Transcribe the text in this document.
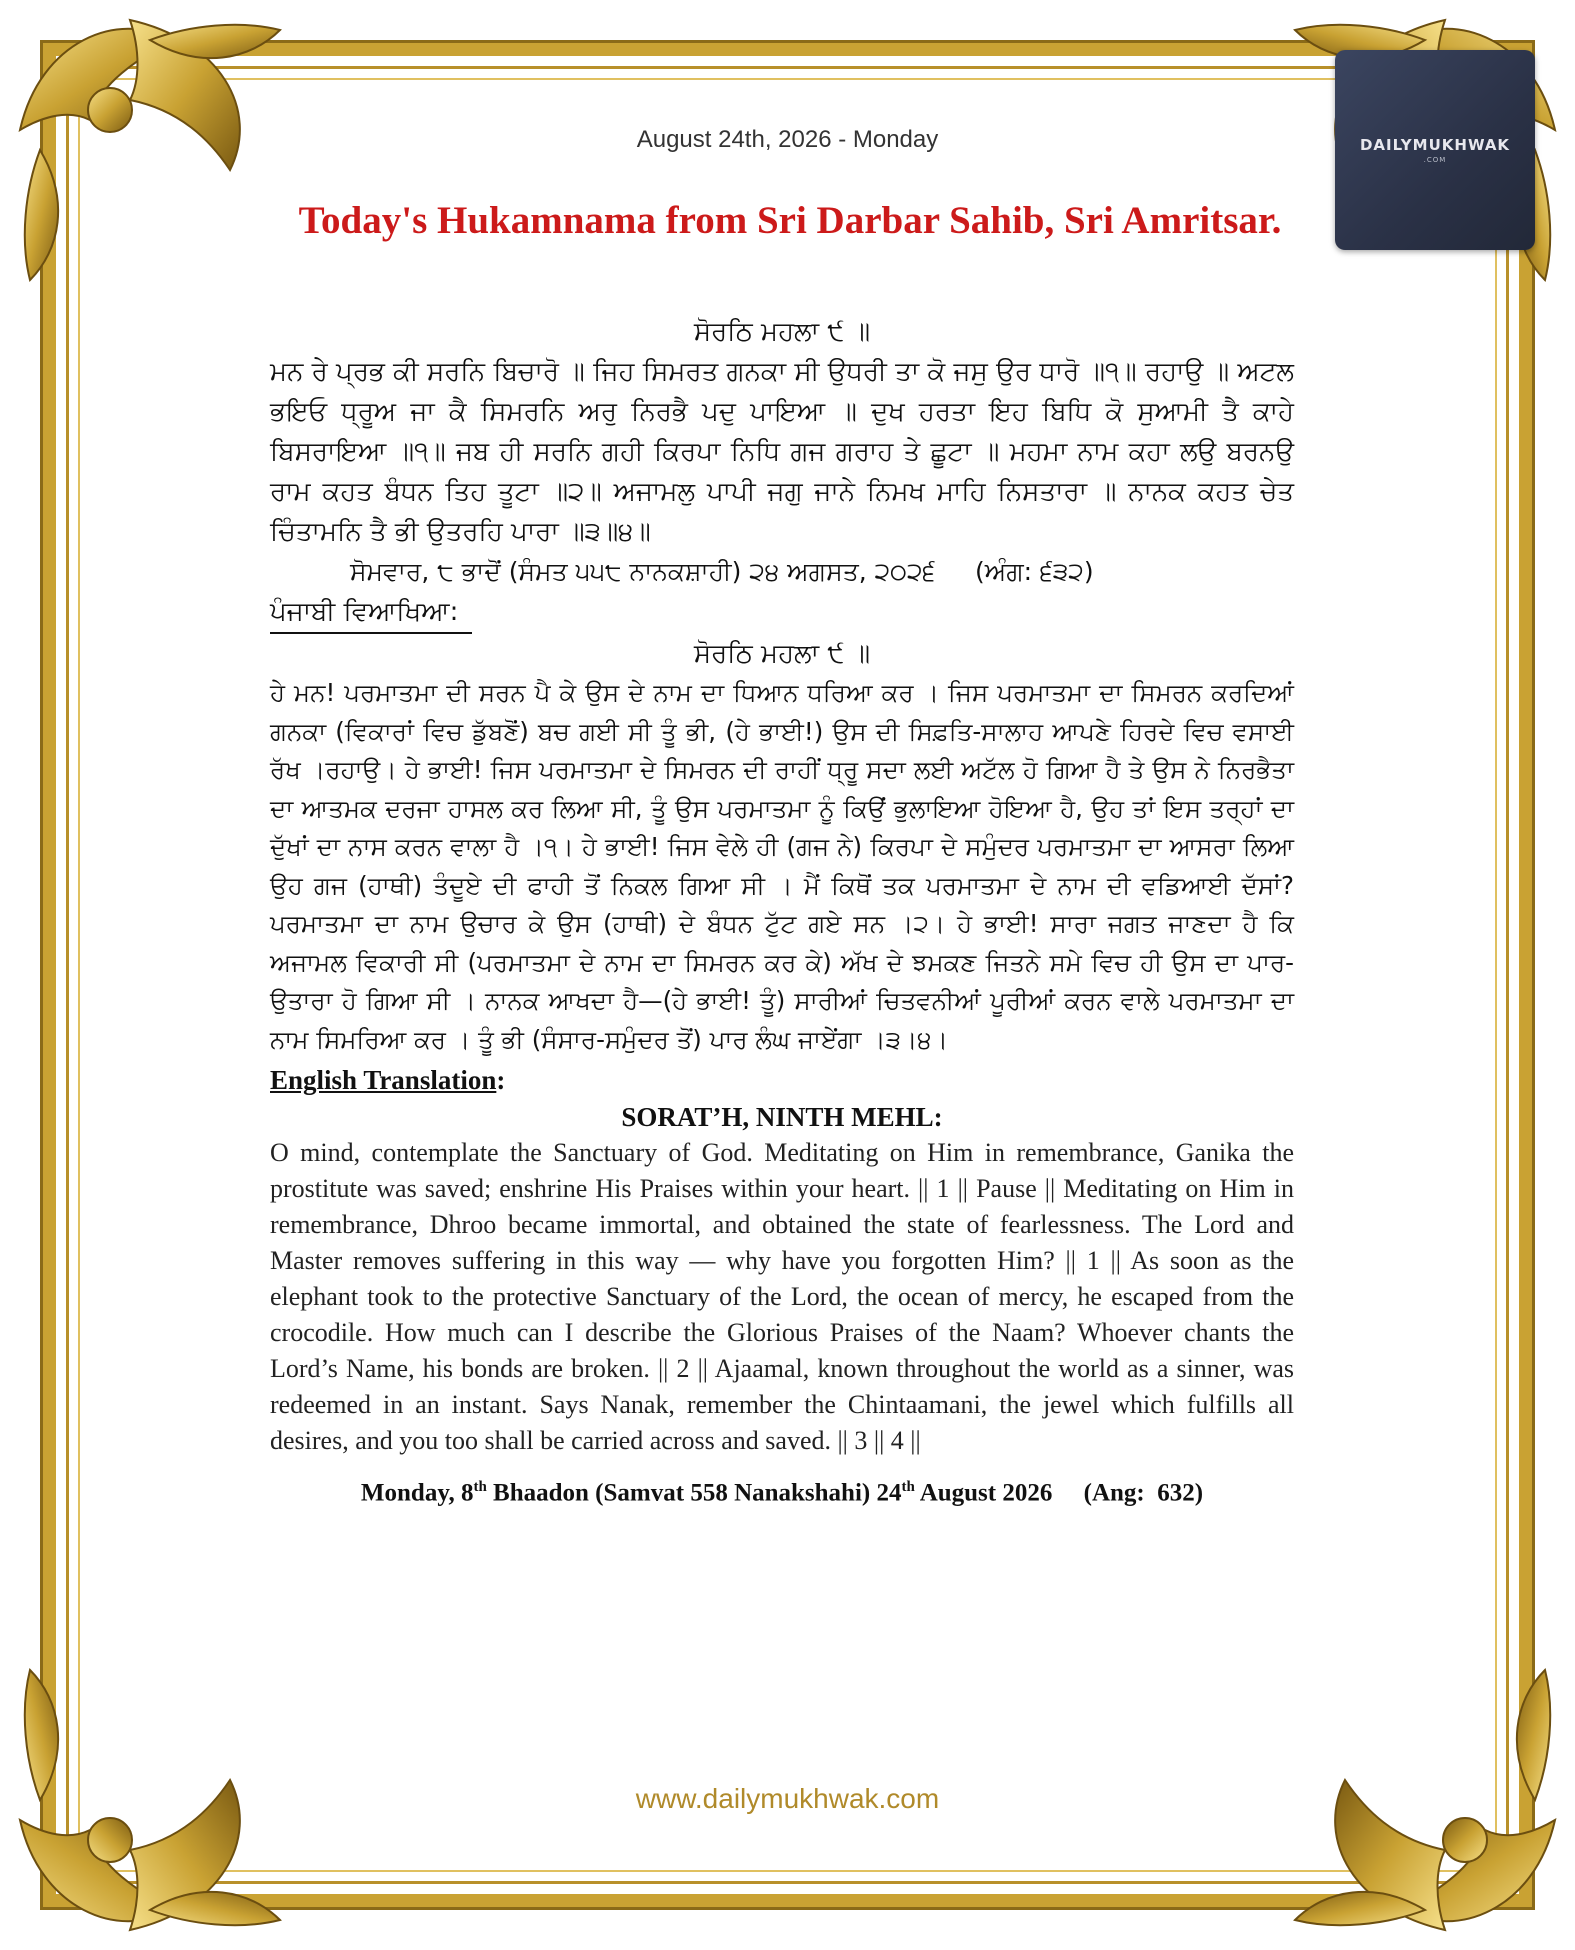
DAILYMUKHWAK
.COM
August 24th, 2026 - Monday
Today's Hukamnama from Sri Darbar Sahib, Sri Amritsar.

ਸੋਰਠਿ ਮਹਲਾ ੯ ॥

ਮਨ ਰੇ ਪ੍ਰਭ ਕੀ ਸਰਨਿ ਬਿਚਾਰੋ ॥ ਜਿਹ ਸਿਮਰਤ ਗਨਕਾ ਸੀ ਉਧਰੀ ਤਾ ਕੋ ਜਸੁ ਉਰ ਧਾਰੋ ॥੧॥ ਰਹਾਉ ॥ ਅਟਲ ਭਇਓ ਧ੍ਰੂਅ ਜਾ ਕੈ ਸਿਮਰਨਿ ਅਰੁ ਨਿਰਭੈ ਪਦੁ ਪਾਇਆ ॥ ਦੁਖ ਹਰਤਾ ਇਹ ਬਿਧਿ ਕੋ ਸੁਆਮੀ ਤੈ ਕਾਹੇ ਬਿਸਰਾਇਆ ॥੧॥ ਜਬ ਹੀ ਸਰਨਿ ਗਹੀ ਕਿਰਪਾ ਨਿਧਿ ਗਜ ਗਰਾਹ ਤੇ ਛੂਟਾ ॥ ਮਹਮਾ ਨਾਮ ਕਹਾ ਲਉ ਬਰਨਉ ਰਾਮ ਕਹਤ ਬੰਧਨ ਤਿਹ ਤੂਟਾ ॥੨॥ ਅਜਾਮਲੁ ਪਾਪੀ ਜਗੁ ਜਾਨੇ ਨਿਮਖ ਮਾਹਿ ਨਿਸਤਾਰਾ ॥ ਨਾਨਕ ਕਹਤ ਚੇਤ ਚਿੰਤਾਮਨਿ ਤੈ ਭੀ ਉਤਰਹਿ ਪਾਰਾ ॥੩॥੪॥

ਸੋਮਵਾਰ, ੮ ਭਾਦੋਂ (ਸੰਮਤ ੫੫੮ ਨਾਨਕਸ਼ਾਹੀ) ੨੪ ਅਗਸਤ, ੨੦੨੬     (ਅੰਗ: ੬੩੨)

ਪੰਜਾਬੀ ਵਿਆਖਿਆ:

ਸੋਰਠਿ ਮਹਲਾ ੯ ॥

ਹੇ ਮਨ! ਪਰਮਾਤਮਾ ਦੀ ਸਰਨ ਪੈ ਕੇ ਉਸ ਦੇ ਨਾਮ ਦਾ ਧਿਆਨ ਧਰਿਆ ਕਰ । ਜਿਸ ਪਰਮਾਤਮਾ ਦਾ ਸਿਮਰਨ ਕਰਦਿਆਂ ਗਨਕਾ (ਵਿਕਾਰਾਂ ਵਿਚ ਡੁੱਬਣੋਂ) ਬਚ ਗਈ ਸੀ ਤੂੰ ਭੀ, (ਹੇ ਭਾਈ!) ਉਸ ਦੀ ਸਿਫ਼ਤਿ-ਸਾਲਾਹ ਆਪਣੇ ਹਿਰਦੇ ਵਿਚ ਵਸਾਈ ਰੱਖ ।ਰਹਾਉ। ਹੇ ਭਾਈ! ਜਿਸ ਪਰਮਾਤਮਾ ਦੇ ਸਿਮਰਨ ਦੀ ਰਾਹੀਂ ਧ੍ਰੂ ਸਦਾ ਲਈ ਅਟੱਲ ਹੋ ਗਿਆ ਹੈ ਤੇ ਉਸ ਨੇ ਨਿਰਭੈਤਾ ਦਾ ਆਤਮਕ ਦਰਜਾ ਹਾਸਲ ਕਰ ਲਿਆ ਸੀ, ਤੂੰ ਉਸ ਪਰਮਾਤਮਾ ਨੂੰ ਕਿਉਂ ਭੁਲਾਇਆ ਹੋਇਆ ਹੈ, ਉਹ ਤਾਂ ਇਸ ਤਰ੍ਹਾਂ ਦਾ ਦੁੱਖਾਂ ਦਾ ਨਾਸ ਕਰਨ ਵਾਲਾ ਹੈ ।੧। ਹੇ ਭਾਈ! ਜਿਸ ਵੇਲੇ ਹੀ (ਗਜ ਨੇ) ਕਿਰਪਾ ਦੇ ਸਮੁੰਦਰ ਪਰਮਾਤਮਾ ਦਾ ਆਸਰਾ ਲਿਆ ਉਹ ਗਜ (ਹਾਥੀ) ਤੰਦੂਏ ਦੀ ਫਾਹੀ ਤੋਂ ਨਿਕਲ ਗਿਆ ਸੀ । ਮੈਂ ਕਿਥੋਂ ਤਕ ਪਰਮਾਤਮਾ ਦੇ ਨਾਮ ਦੀ ਵਡਿਆਈ ਦੱਸਾਂ? ਪਰਮਾਤਮਾ ਦਾ ਨਾਮ ਉਚਾਰ ਕੇ ਉਸ (ਹਾਥੀ) ਦੇ ਬੰਧਨ ਟੁੱਟ ਗਏ ਸਨ ।੨। ਹੇ ਭਾਈ! ਸਾਰਾ ਜਗਤ ਜਾਣਦਾ ਹੈ ਕਿ ਅਜਾਮਲ ਵਿਕਾਰੀ ਸੀ (ਪਰਮਾਤਮਾ ਦੇ ਨਾਮ ਦਾ ਸਿਮਰਨ ਕਰ ਕੇ) ਅੱਖ ਦੇ ਝਮਕਣ ਜਿਤਨੇ ਸਮੇ ਵਿਚ ਹੀ ਉਸ ਦਾ ਪਾਰ-ਉਤਾਰਾ ਹੋ ਗਿਆ ਸੀ । ਨਾਨਕ ਆਖਦਾ ਹੈ—(ਹੇ ਭਾਈ! ਤੂੰ) ਸਾਰੀਆਂ ਚਿਤਵਨੀਆਂ ਪੂਰੀਆਂ ਕਰਨ ਵਾਲੇ ਪਰਮਾਤਮਾ ਦਾ ਨਾਮ ਸਿਮਰਿਆ ਕਰ । ਤੂੰ ਭੀ (ਸੰਸਾਰ-ਸਮੁੰਦਰ ਤੋਂ) ਪਾਰ ਲੰਘ ਜਾਏਂਗਾ ।੩।੪।

English Translation:
SORAT’H, NINTH MEHL:

O mind, contemplate the Sanctuary of God. Meditating on Him in remembrance, Ganika the prostitute was saved; enshrine His Praises within your heart. || 1 || Pause || Meditating on Him in remembrance, Dhroo became immortal, and obtained the state of fearlessness. The Lord and Master removes suffering in this way — why have you forgotten Him? || 1 || As soon as the elephant took to the protective Sanctuary of the Lord, the ocean of mercy, he escaped from the crocodile. How much can I describe the Glorious Praises of the Naam? Whoever chants the Lord’s Name, his bonds are broken. || 2 || Ajaamal, known throughout the world as a sinner, was redeemed in an instant. Says Nanak, remember the Chintaamani, the jewel which fulfills all desires, and you too shall be carried across and saved. || 3 || 4 ||

Monday, 8th Bhaadon (Samvat 558 Nanakshahi) 24th August 2026     (Ang:  632)
www.dailymukhwak.com
